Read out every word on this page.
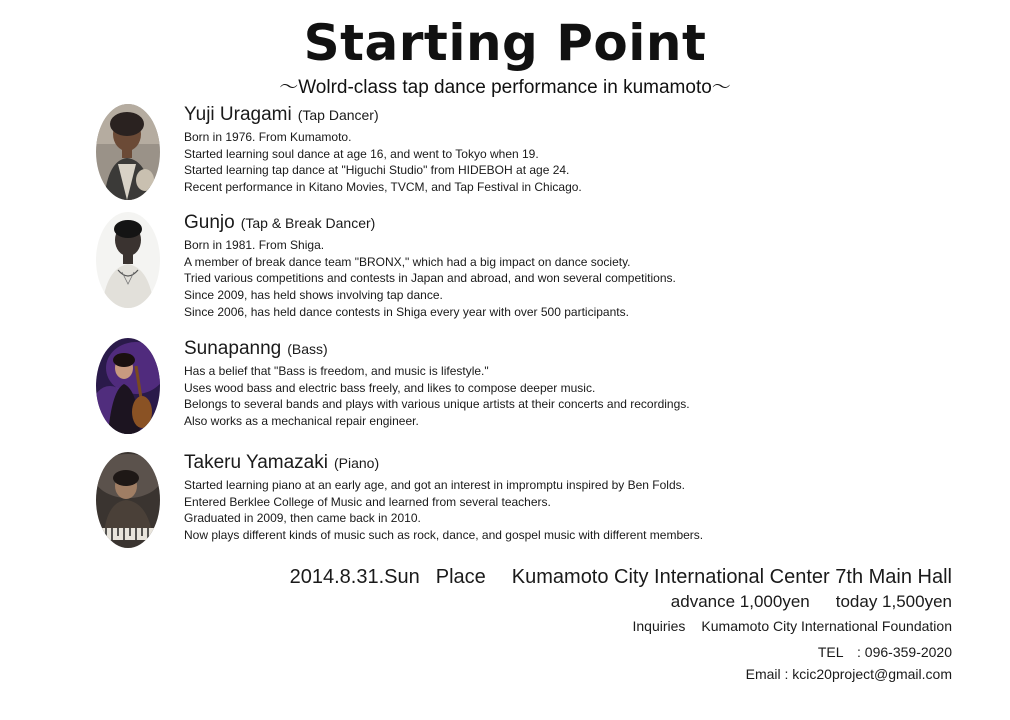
Starting Point
〜Wolrd-class tap dance performance in kumamoto〜
Yuji Uragami (Tap Dancer)
Born in 1976. From Kumamoto.
Started learning soul dance at age 16, and went to Tokyo when 19.
Started learning tap dance at "Higuchi Studio" from HIDEBOH at age 24.
Recent performance in Kitano Movies, TVCM, and Tap Festival in Chicago.
Gunjo (Tap & Break Dancer)
Born in 1981. From Shiga.
A member of break dance team "BRONX," which had a big impact on dance society.
Tried various competitions and contests in Japan and abroad, and won several competitions.
Since 2009, has held shows involving tap dance.
Since 2006, has held dance contests in Shiga every year with over 500 participants.
Sunapanng (Bass)
Has a belief that "Bass is freedom, and music is lifestyle."
Uses wood bass and electric bass freely, and likes to compose deeper music.
Belongs to several bands and plays with various unique artists at their concerts and recordings.
Also works as a mechanical repair engineer.
Takeru Yamazaki (Piano)
Started learning piano at an early age, and got an interest in impromptu inspired by Ben Folds.
Entered Berklee College of Music and learned from several teachers.
Graduated in 2009, then came back in 2010.
Now plays different kinds of music such as rock, dance, and gospel music with different members.
2014.8.31.Sun Place Kumamoto City International Center 7th Main Hall
advance 1,000yen today 1,500yen
Inquiries Kumamoto City International Foundation
TEL　: 096-359-2020
Email : kcic20project@gmail.com
